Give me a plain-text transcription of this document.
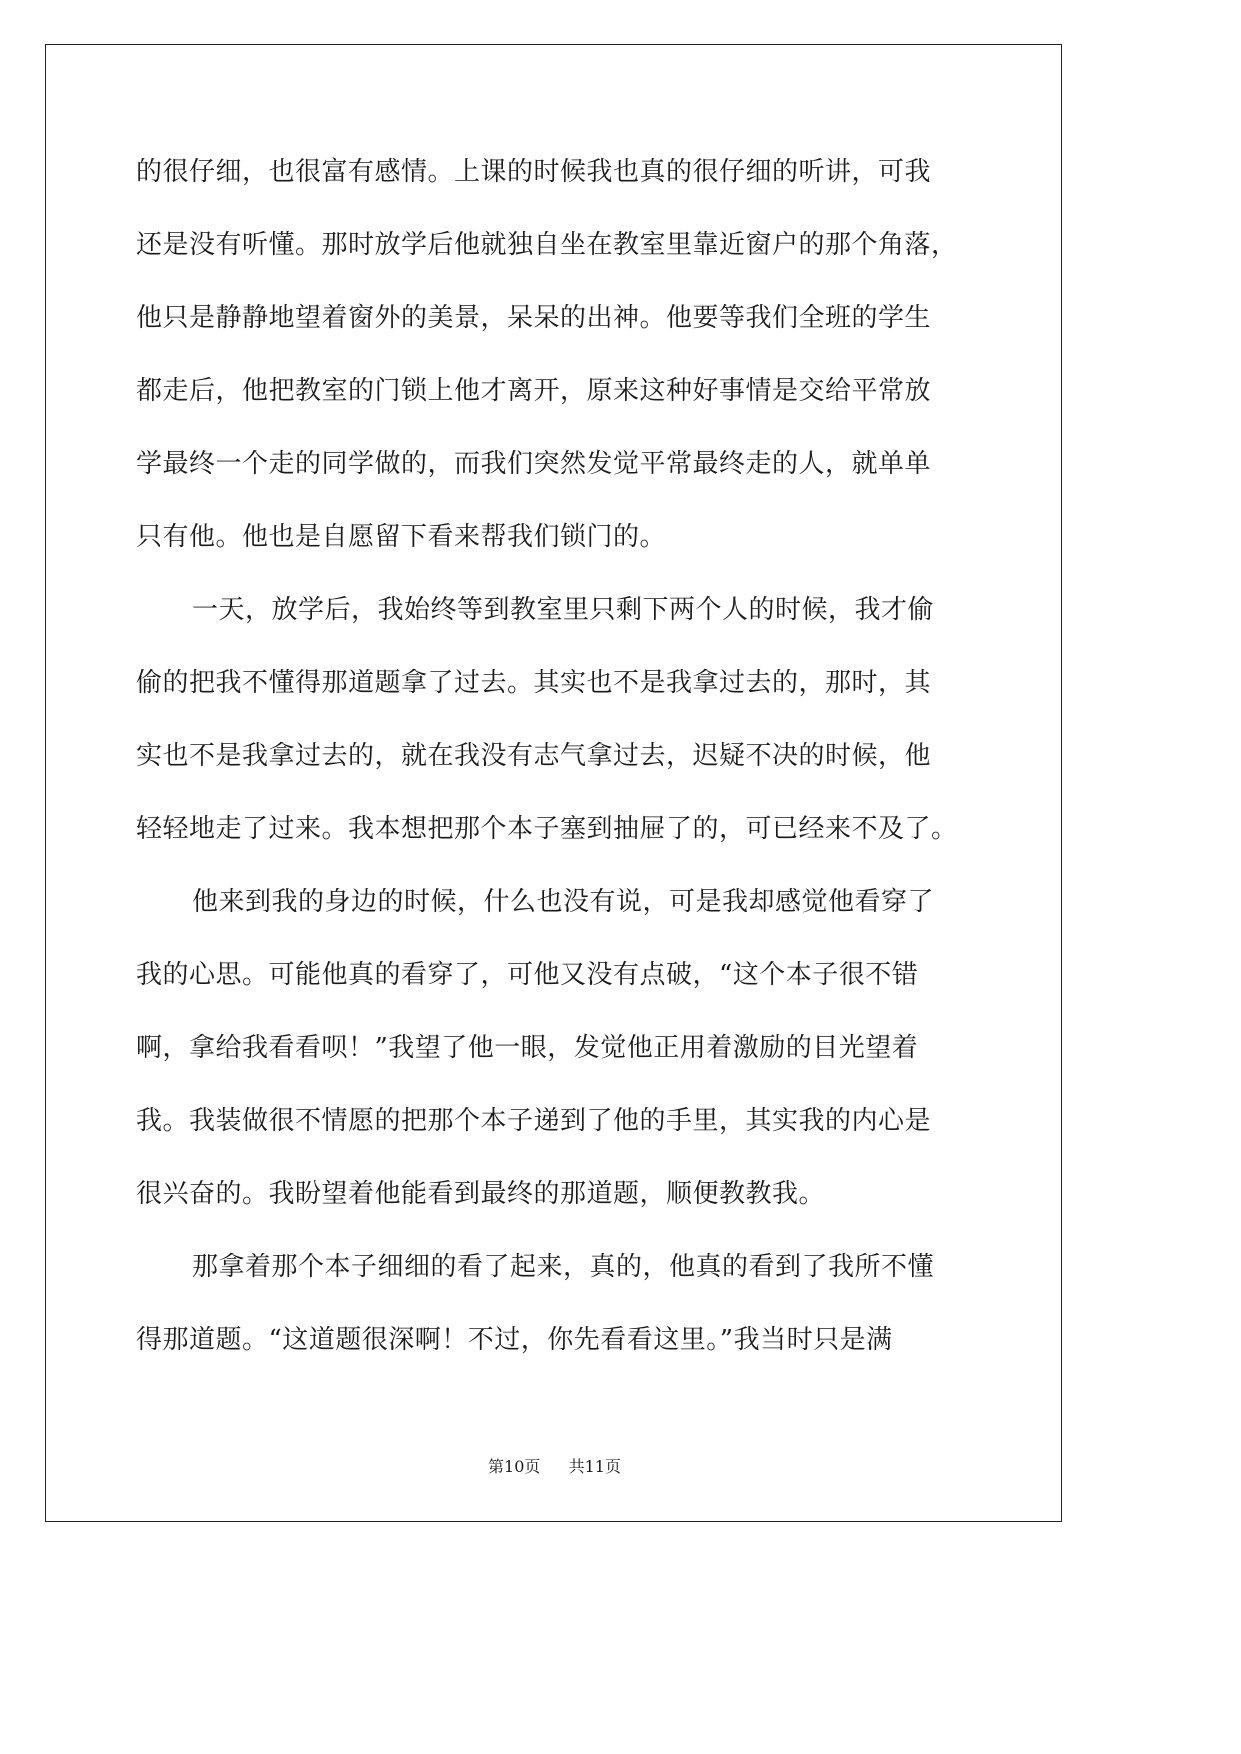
的很仔细，也很富有感情。上课的时候我也真的很仔细的听讲，可我
还是没有听懂。那时放学后他就独自坐在教室里靠近窗户的那个角落，
他只是静静地望着窗外的美景，呆呆的出神。他要等我们全班的学生
都走后，他把教室的门锁上他才离开，原来这种好事情是交给平常放
学最终一个走的同学做的，而我们突然发觉平常最终走的人，就单单
只有他。他也是自愿留下看来帮我们锁门的。
一天，放学后，我始终等到教室里只剩下两个人的时候，我才偷
偷的把我不懂得那道题拿了过去。其实也不是我拿过去的，那时，其
实也不是我拿过去的，就在我没有志气拿过去，迟疑不决的时候，他
轻轻地走了过来。我本想把那个本子塞到抽屉了的，可已经来不及了。
他来到我的身边的时候，什么也没有说，可是我却感觉他看穿了
我的心思。可能他真的看穿了，可他又没有点破，“这个本子很不错
啊，拿给我看看呗！”我望了他一眼，发觉他正用着激励的目光望着
我。我装做很不情愿的把那个本子递到了他的手里，其实我的内心是
很兴奋的。我盼望着他能看到最终的那道题，顺便教教我。
那拿着那个本子细细的看了起来，真的，他真的看到了我所不懂
得那道题。“这道题很深啊！不过，你先看看这里。”我当时只是满
第10页 共11页
